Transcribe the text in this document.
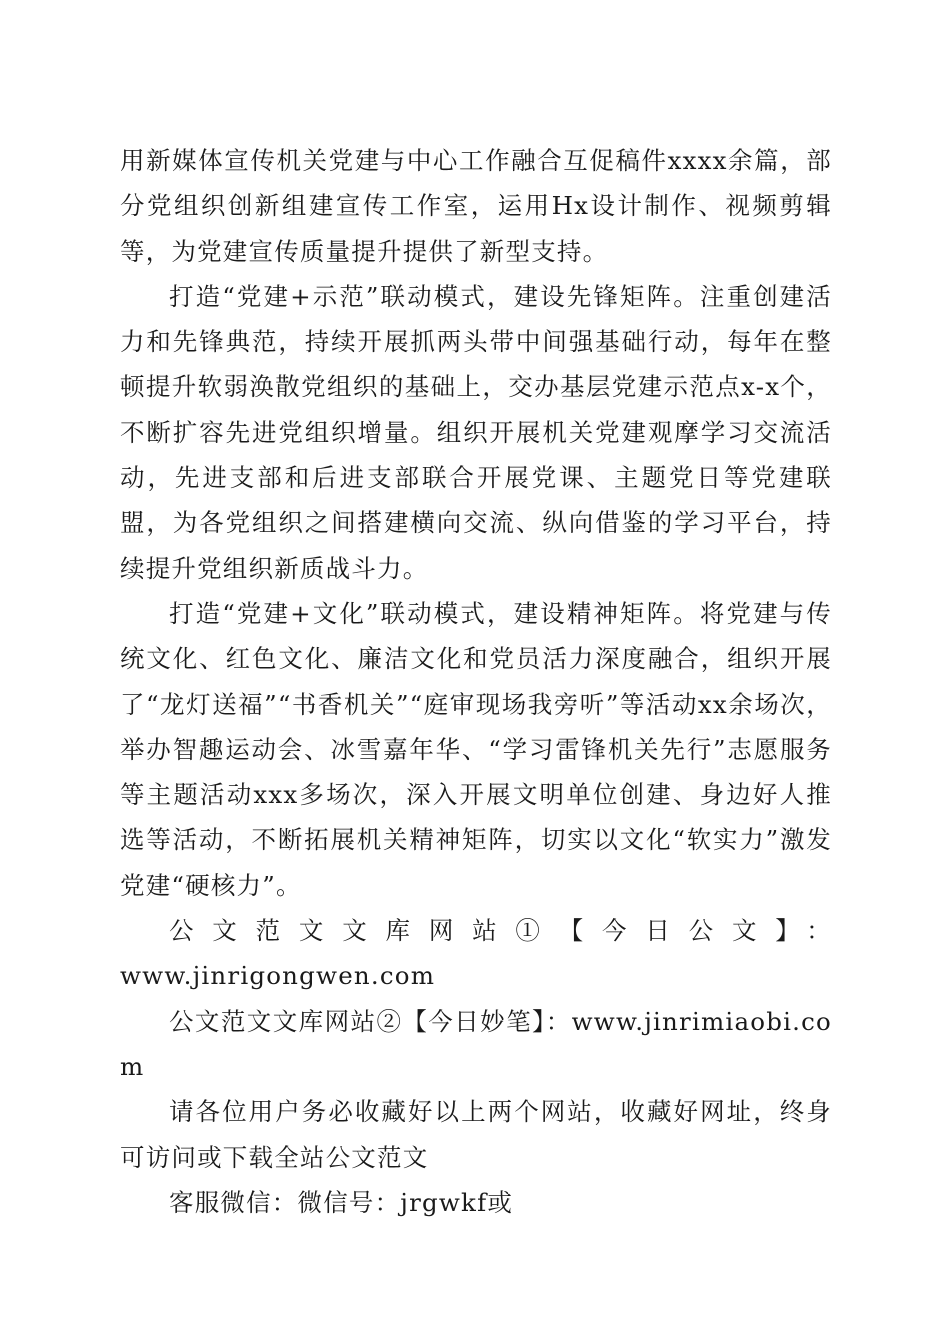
用新媒体宣传机关党建与中心工作融合互促稿件xxxx余篇，部分党组织创新组建宣传工作室，运用Hx设计制作、视频剪辑等，为党建宣传质量提升提供了新型支持。

打造“党建+示范”联动模式，建设先锋矩阵。注重创建活力和先锋典范，持续开展抓两头带中间强基础行动，每年在整顿提升软弱涣散党组织的基础上，交办基层党建示范点x-x个，不断扩容先进党组织增量。组织开展机关党建观摩学习交流活动，先进支部和后进支部联合开展党课、主题党日等党建联盟，为各党组织之间搭建横向交流、纵向借鉴的学习平台，持续提升党组织新质战斗力。

打造“党建+文化”联动模式，建设精神矩阵。将党建与传统文化、红色文化、廉洁文化和党员活力深度融合，组织开展了“龙灯送福”“书香机关”“庭审现场我旁听”等活动xx余场次，举办智趣运动会、冰雪嘉年华、“学习雷锋机关先行”志愿服务等主题活动xxx多场次，深入开展文明单位创建、身边好人推选等活动，不断拓展机关精神矩阵，切实以文化“软实力”激发党建“硬核力”。

公文范文文库网站①【今日公文】：

www.jinrigongwen.com

公文范文文库网站②【今日妙笔】：www.jinrimiaobi.com

请各位用户务必收藏好以上两个网站，收藏好网址，终身可访问或下载全站公文范文

客服微信：微信号：jrgwkf或
